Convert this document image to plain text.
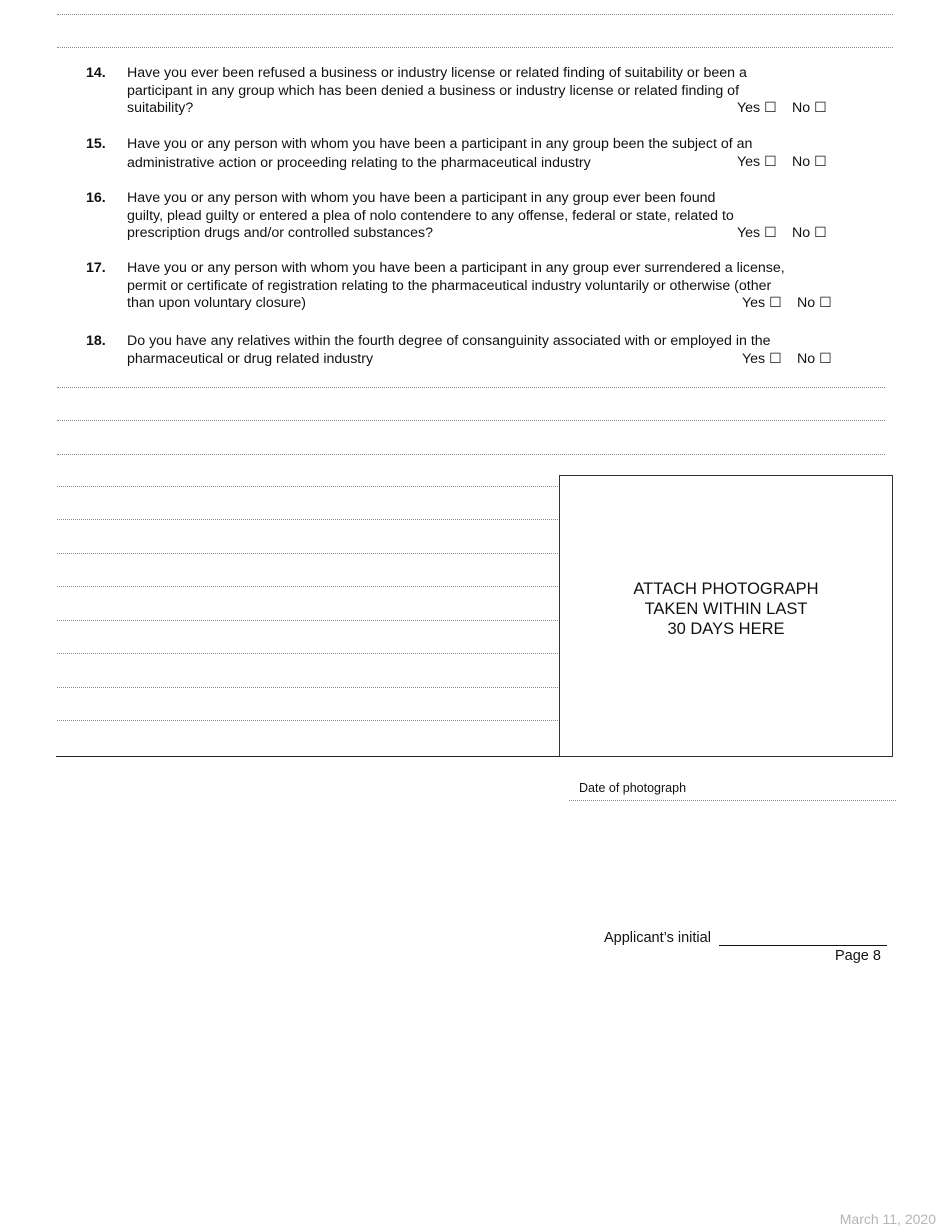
14. Have you ever been refused a business or industry license or related finding of suitability or been a
participant in any group which has been denied a business or industry license or related finding of
suitability?	Yes ☐ No ☐
15. Have you or any person with whom you have been a participant in any group been the subject of an
administrative action or proceeding relating to the pharmaceutical industry	Yes ☐ No ☐
16. Have you or any person with whom you have been a participant in any group ever been found
guilty, plead guilty or entered a plea of nolo contendere to any offense, federal or state, related to
prescription drugs and/or controlled substances?	Yes ☐ No ☐
17. Have you or any person with whom you have been a participant in any group ever surrendered a license,
permit or certificate of registration relating to the pharmaceutical industry voluntarily or otherwise (other
than upon voluntary closure)	Yes ☐ No ☐
18. Do you have any relatives within the fourth degree of consanguinity associated with or employed in the
pharmaceutical or drug related industry	Yes ☐ No ☐
ATTACH PHOTOGRAPH
TAKEN WITHIN LAST
30 DAYS HERE
Date of photograph
Applicant’s initial
Page 8
March 11, 2020
